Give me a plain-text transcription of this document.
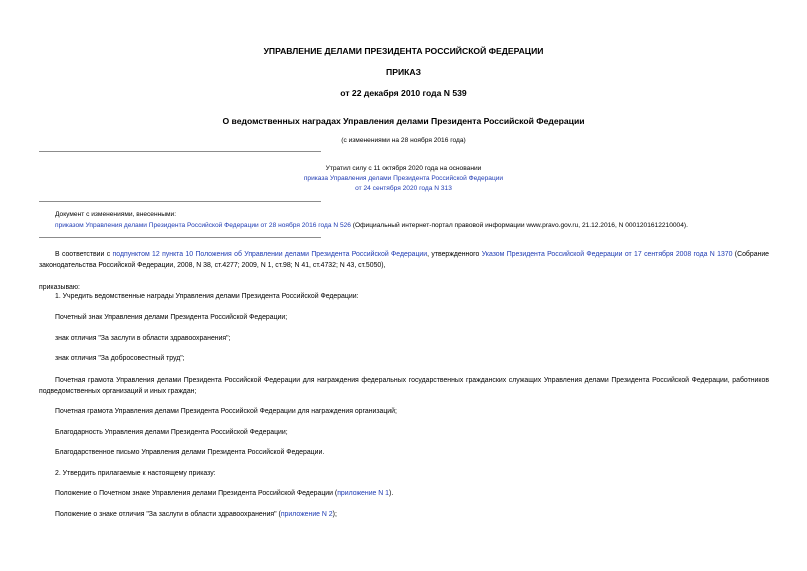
УПРАВЛЕНИЕ ДЕЛАМИ ПРЕЗИДЕНТА РОССИЙСКОЙ ФЕДЕРАЦИИ
ПРИКАЗ
от 22 декабря 2010 года N 539
О ведомственных наградах Управления делами Президента Российской Федерации
(с изменениями на 28 ноября 2016 года)
Утратил силу с 11 октября 2020 года на основании
приказа Управления делами Президента Российской Федерации
от 24 сентября 2020 года N 313
Документ с изменениями, внесенными:
приказом Управления делами Президента Российской Федерации от 28 ноября 2016 года N 526 (Официальный интернет-портал правовой информации www.pravo.gov.ru, 21.12.2016, N 0001201612210004).
В соответствии с подпунктом 12 пункта 10 Положения об Управлении делами Президента Российской Федерации, утвержденного Указом Президента Российской Федерации от 17 сентября 2008 года N 1370 (Собрание законодательства Российской Федерации, 2008, N 38, ст.4277; 2009, N 1, ст.98; N 41, ст.4732; N 43, ст.5050),
приказываю:
1. Учредить ведомственные награды Управления делами Президента Российской Федерации:
Почетный знак Управления делами Президента Российской Федерации;
знак отличия "За заслуги в области здравоохранения";
знак отличия "За добросовестный труд";
Почетная грамота Управления делами Президента Российской Федерации для награждения федеральных государственных гражданских служащих Управления делами Президента Российской Федерации, работников подведомственных организаций и иных граждан;
Почетная грамота Управления делами Президента Российской Федерации для награждения организаций;
Благодарность Управления делами Президента Российской Федерации;
Благодарственное письмо Управления делами Президента Российской Федерации.
2. Утвердить прилагаемые к настоящему приказу:
Положение о Почетном знаке Управления делами Президента Российской Федерации (приложение N 1).
Положение о знаке отличия "За заслуги в области здравоохранения" (приложение N 2);
